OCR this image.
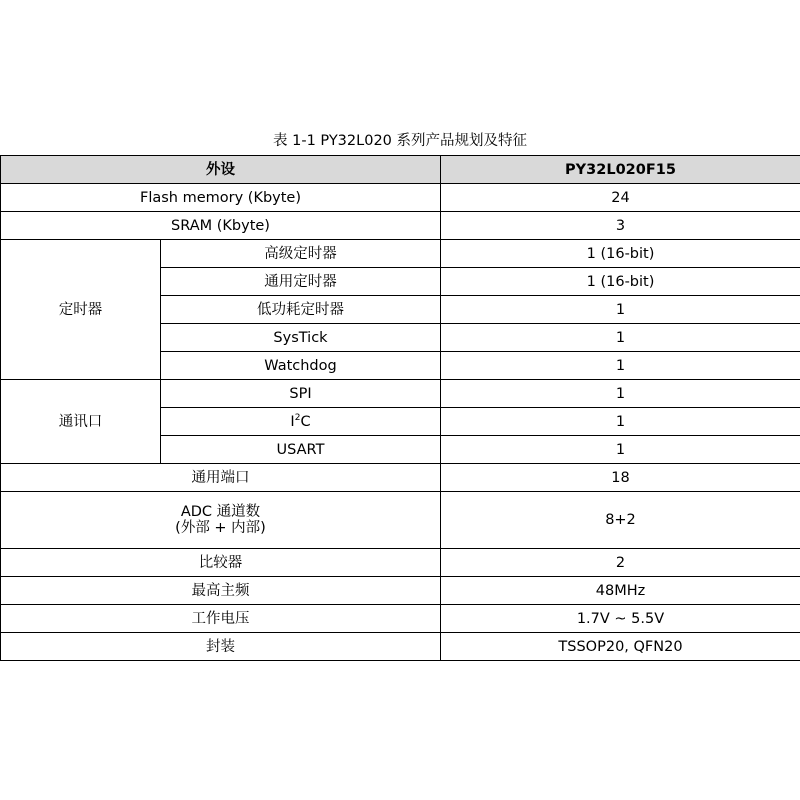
表 1-1 PY32L020 系列产品规划及特征
外设		PY32L020F15
Flash memory (Kbyte)		24
SRAM (Kbyte)		3
定时器	高级定时器	1 (16-bit)
	通用定时器	1 (16-bit)
	低功耗定时器	1
	SysTick	1
	Watchdog	1
通讯口	SPI	1
	$I^2C$	1
	USART	1
通用端口		18

ADC 通道数
(外部 + 内部)		8+2
比较器		2
最高主频		48MHz
工作电压		1.7V ~ 5.5V
封装		TSSOP20, QFN20
